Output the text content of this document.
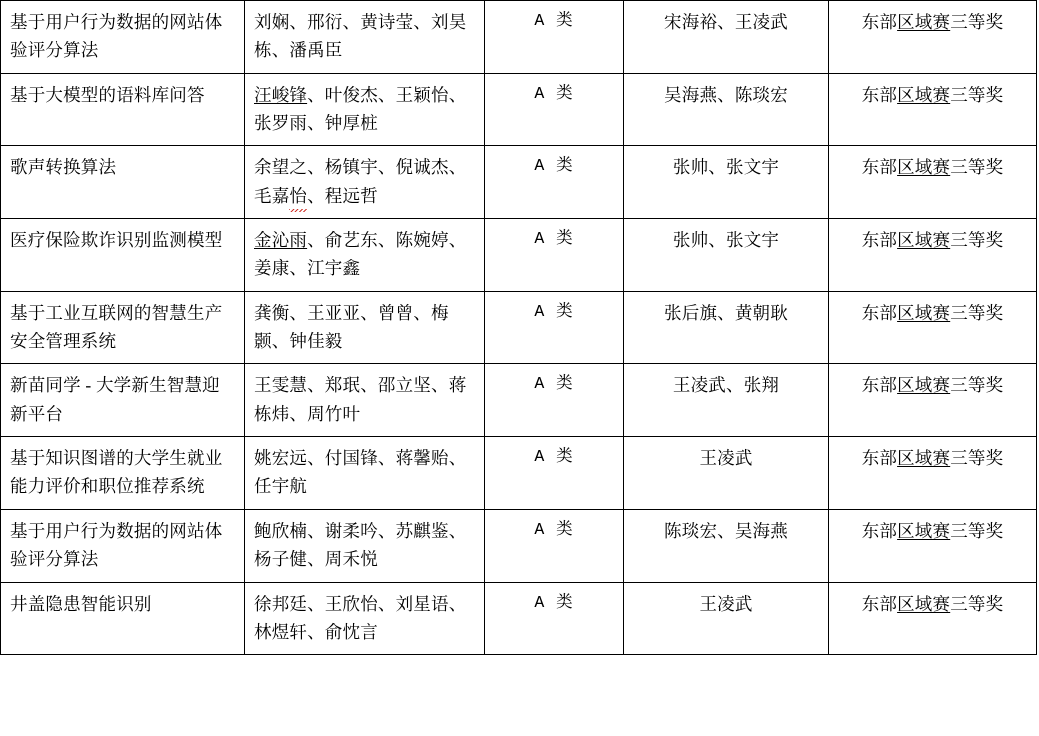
基于用户行为数据的网站体验评分算法	刘娴、邢衍、黄诗莹、刘昊栋、潘禹臣	A 类	宋海裕、王凌武	东部区域赛三等奖
基于大模型的语料库问答	汪峻锋、叶俊杰、王颖怡、张罗雨、钟厚桩	A 类	吴海燕、陈琰宏	东部区域赛三等奖
歌声转换算法	余望之、杨镇宇、倪诚杰、毛嘉怡、程远哲	A 类	张帅、张文宇	东部区域赛三等奖
医疗保险欺诈识别监测模型	金沁雨、俞艺东、陈婉婷、姜康、江宇鑫	A 类	张帅、张文宇	东部区域赛三等奖
基于工业互联网的智慧生产安全管理系统	龚衡、王亚亚、曾曾、梅颢、钟佳毅	A 类	张后旗、黄朝耿	东部区域赛三等奖
新苗同学 - 大学新生智慧迎新平台	王雯慧、郑珉、邵立坚、蒋栋炜、周竹叶	A 类	王凌武、张翔	东部区域赛三等奖
基于知识图谱的大学生就业能力评价和职位推荐系统	姚宏远、付国锋、蒋馨贻、任宇航	A 类	王凌武	东部区域赛三等奖
基于用户行为数据的网站体验评分算法	鲍欣楠、谢柔吟、苏麒鉴、杨子健、周禾悦	A 类	陈琰宏、吴海燕	东部区域赛三等奖
井盖隐患智能识别	徐邦廷、王欣怡、刘星语、林煜轩、俞忱言	A 类	王凌武	东部区域赛三等奖
